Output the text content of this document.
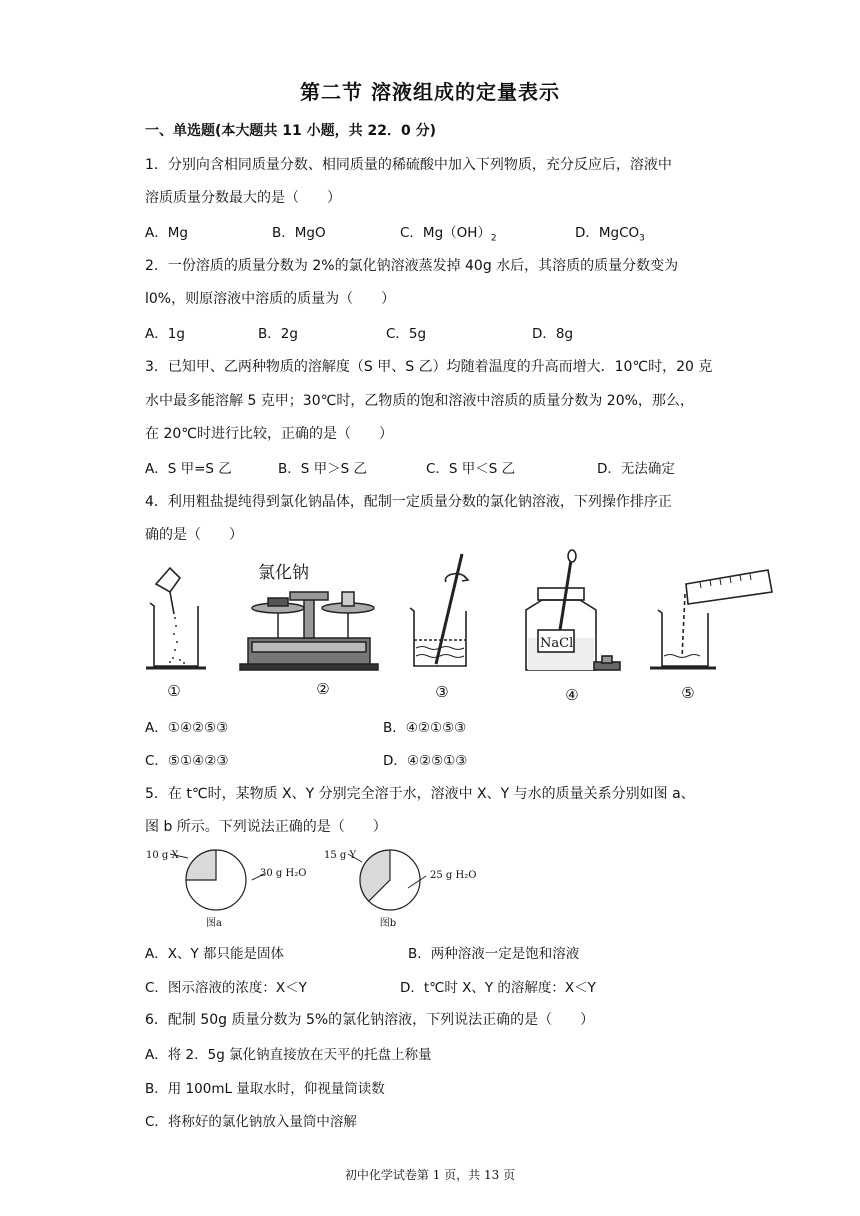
第二节 溶液组成的定量表示
一、单选题(本大题共 11 小题，共 22．0 分)
1．分别向含相同质量分数、相同质量的稀硫酸中加入下列物质，充分反应后，溶液中
溶质质量分数最大的是（　　）
A．Mg	B．MgO	C．$Mg(OH)_2$	D．MgCO$_3$
2．一份溶质的质量分数为 2%的氯化钠溶液蒸发掉 40g 水后，其溶质的质量分数变为
l0%，则原溶液中溶质的质量为（　　）
A．1g	B．2g	C．5g	D．8g
3．已知甲、乙两种物质的溶解度（S 甲、S 乙）均随着温度的升高而增大．10℃时，20 克
水中最多能溶解 5 克甲；30℃时，乙物质的饱和溶液中溶质的质量分数为 20%，那么，
在 20℃时进行比较，正确的是（　　）
A．S 甲=S 乙	B．S 甲＞S 乙	C．S 甲＜S 乙	D．无法确定
4．利用粗盐提纯得到氯化钠晶体，配制一定质量分数的氯化钠溶液，下列操作排序正
确的是（　　）
氯化钠
NaCl
①	②	③	④	⑤
A．①④②⑤③	B．④②①⑤③
C．⑤①④②③	D．④②⑤①③
5．在 t℃时，某物质 X、Y 分别完全溶于水，溶液中 X、Y 与水的质量关系分别如图 a、
图 b 所示。下列说法正确的是（　　）
10 g X
30 g H₂O
图a
15 g Y
25 g H₂O
图b
A．X、Y 都只能是固体	B．两种溶液一定是饱和溶液
C．图示溶液的浓度：X＜Y	D．t℃时 X、Y 的溶解度：X＜Y
6．配制 50g 质量分数为 5%的氯化钠溶液，下列说法正确的是（　　）
A．将 2．5g 氯化钠直接放在天平的托盘上称量
B．用 100mL 量取水时，仰视量筒读数
C．将称好的氯化钠放入量筒中溶解
初中化学试卷第 1 页，共 13 页
